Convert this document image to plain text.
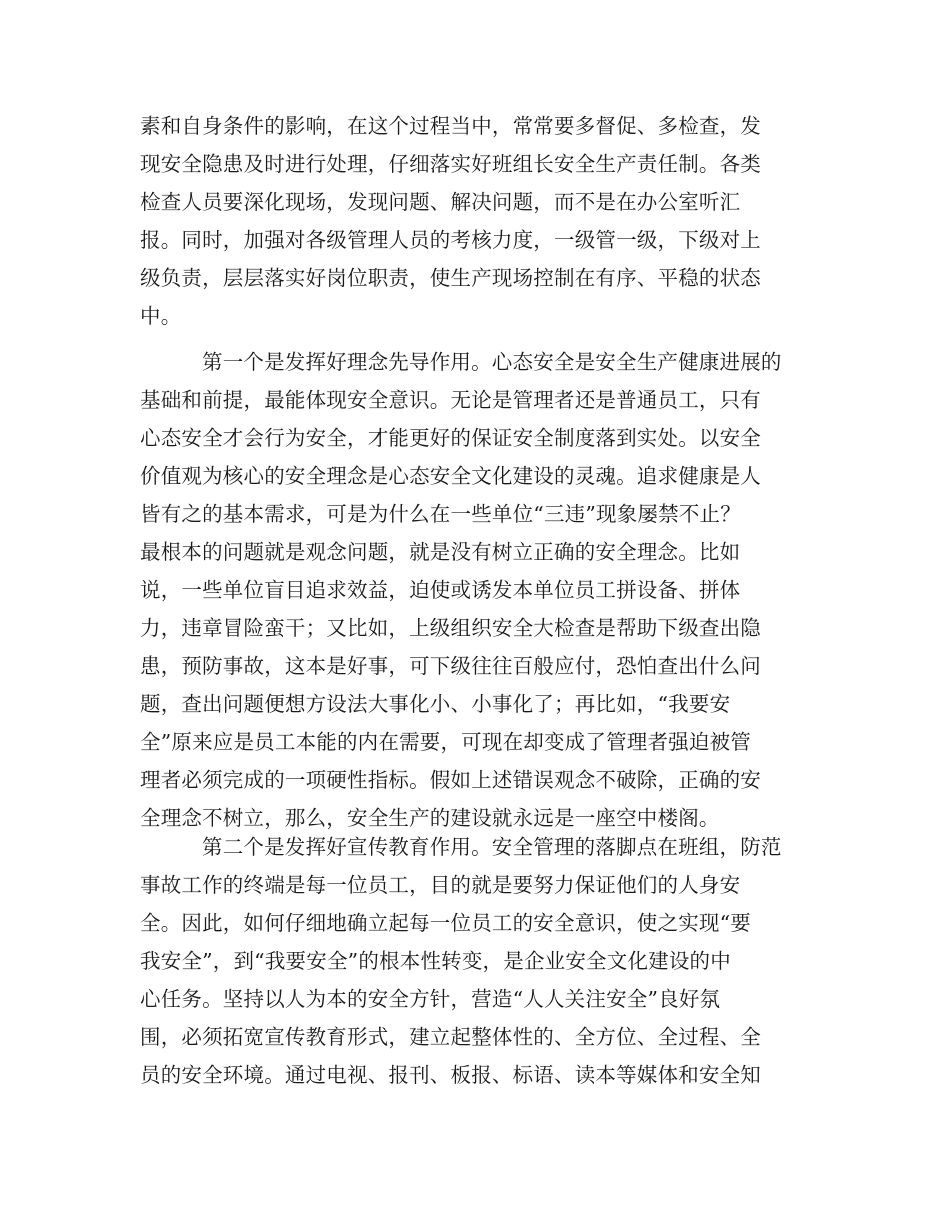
素和自身条件的影响，在这个过程当中，常常要多督促、多检查，发
现安全隐患及时进行处理，仔细落实好班组长安全生产责任制。各类
检查人员要深化现场，发现问题、解决问题，而不是在办公室听汇
报。同时，加强对各级管理人员的考核力度，一级管一级，下级对上
级负责，层层落实好岗位职责，使生产现场控制在有序、平稳的状态
中。
第一个是发挥好理念先导作用。心态安全是安全生产健康进展的
基础和前提，最能体现安全意识。无论是管理者还是普通员工，只有
心态安全才会行为安全，才能更好的保证安全制度落到实处。以安全
价值观为核心的安全理念是心态安全文化建设的灵魂。追求健康是人
皆有之的基本需求，可是为什么在一些单位“三违”现象屡禁不止？
最根本的问题就是观念问题，就是没有树立正确的安全理念。比如
说，一些单位盲目追求效益，迫使或诱发本单位员工拼设备、拼体
力，违章冒险蛮干；又比如，上级组织安全大检查是帮助下级查出隐
患，预防事故，这本是好事，可下级往往百般应付，恐怕查出什么问
题，查出问题便想方设法大事化小、小事化了；再比如，“我要安
全”原来应是员工本能的内在需要，可现在却变成了管理者强迫被管
理者必须完成的一项硬性指标。假如上述错误观念不破除，正确的安
全理念不树立，那么，安全生产的建设就永远是一座空中楼阁。
第二个是发挥好宣传教育作用。安全管理的落脚点在班组，防范
事故工作的终端是每一位员工，目的就是要努力保证他们的人身安
全。因此，如何仔细地确立起每一位员工的安全意识，使之实现“要
我安全”，到“我要安全”的根本性转变，是企业安全文化建设的中
心任务。坚持以人为本的安全方针，营造“人人关注安全”良好氛
围，必须拓宽宣传教育形式，建立起整体性的、全方位、全过程、全
员的安全环境。通过电视、报刊、板报、标语、读本等媒体和安全知
